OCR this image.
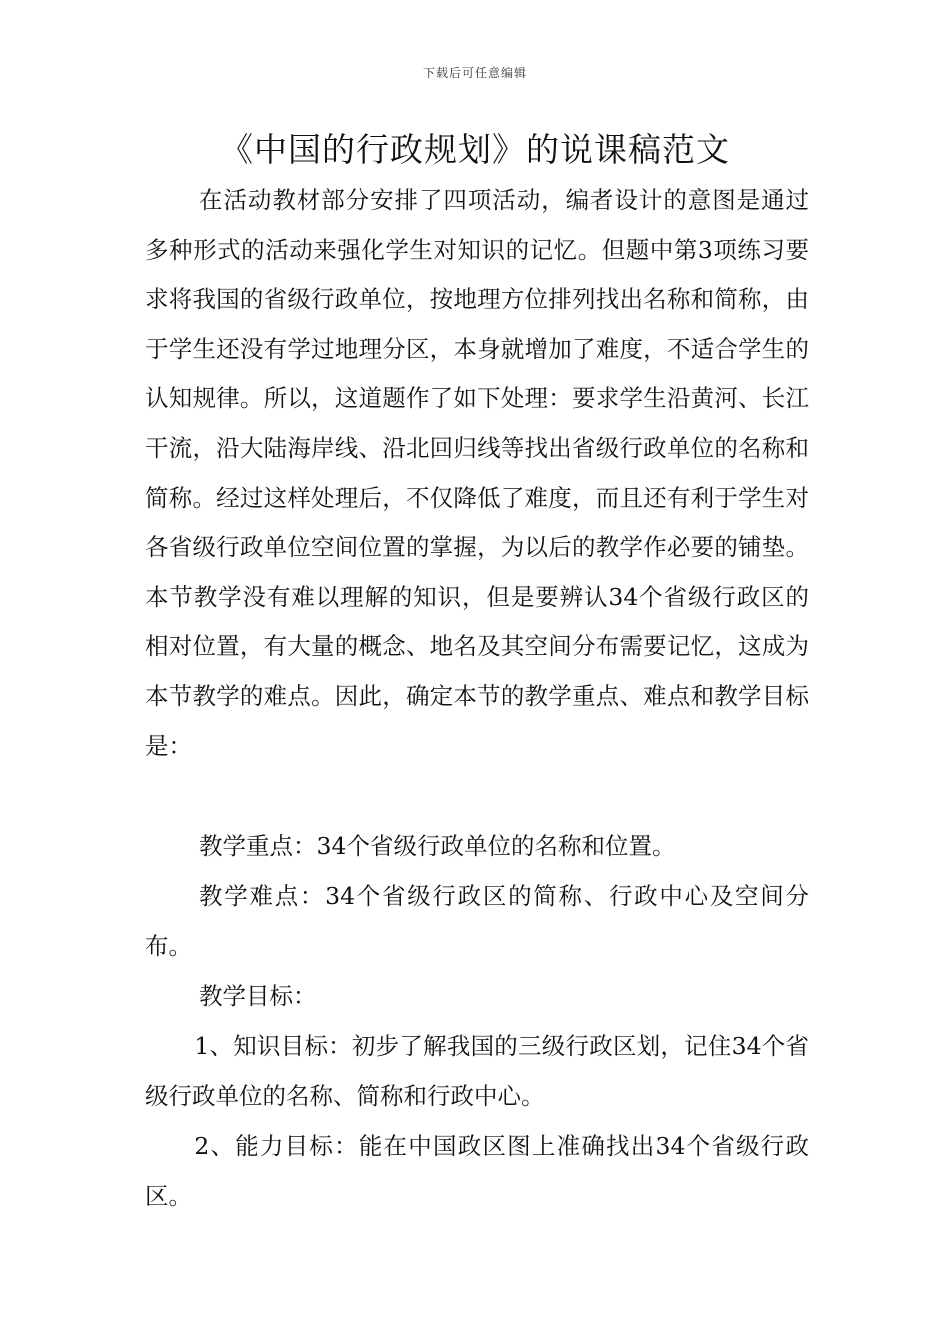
下载后可任意编辑
《中国的行政规划》的说课稿范文

在活动教材部分安排了四项活动，编者设计的意图是通过多种形式的活动来强化学生对知识的记忆。但题中第3项练习要求将我国的省级行政单位，按地理方位排列找出名称和简称，由于学生还没有学过地理分区，本身就增加了难度，不适合学生的认知规律。所以，这道题作了如下处理：要求学生沿黄河、长江干流，沿大陆海岸线、沿北回归线等找出省级行政单位的名称和简称。经过这样处理后，不仅降低了难度，而且还有利于学生对各省级行政单位空间位置的掌握，为以后的教学作必要的铺垫。本节教学没有难以理解的知识，但是要辨认34个省级行政区的相对位置，有大量的概念、地名及其空间分布需要记忆，这成为本节教学的难点。因此，确定本节的教学重点、难点和教学目标是：

教学重点：34个省级行政单位的名称和位置。

教学难点：34个省级行政区的简称、行政中心及空间分布。

教学目标：

1、知识目标：初步了解我国的三级行政区划，记住34个省级行政单位的名称、简称和行政中心。

2、能力目标：能在中国政区图上准确找出34个省级行政区。
